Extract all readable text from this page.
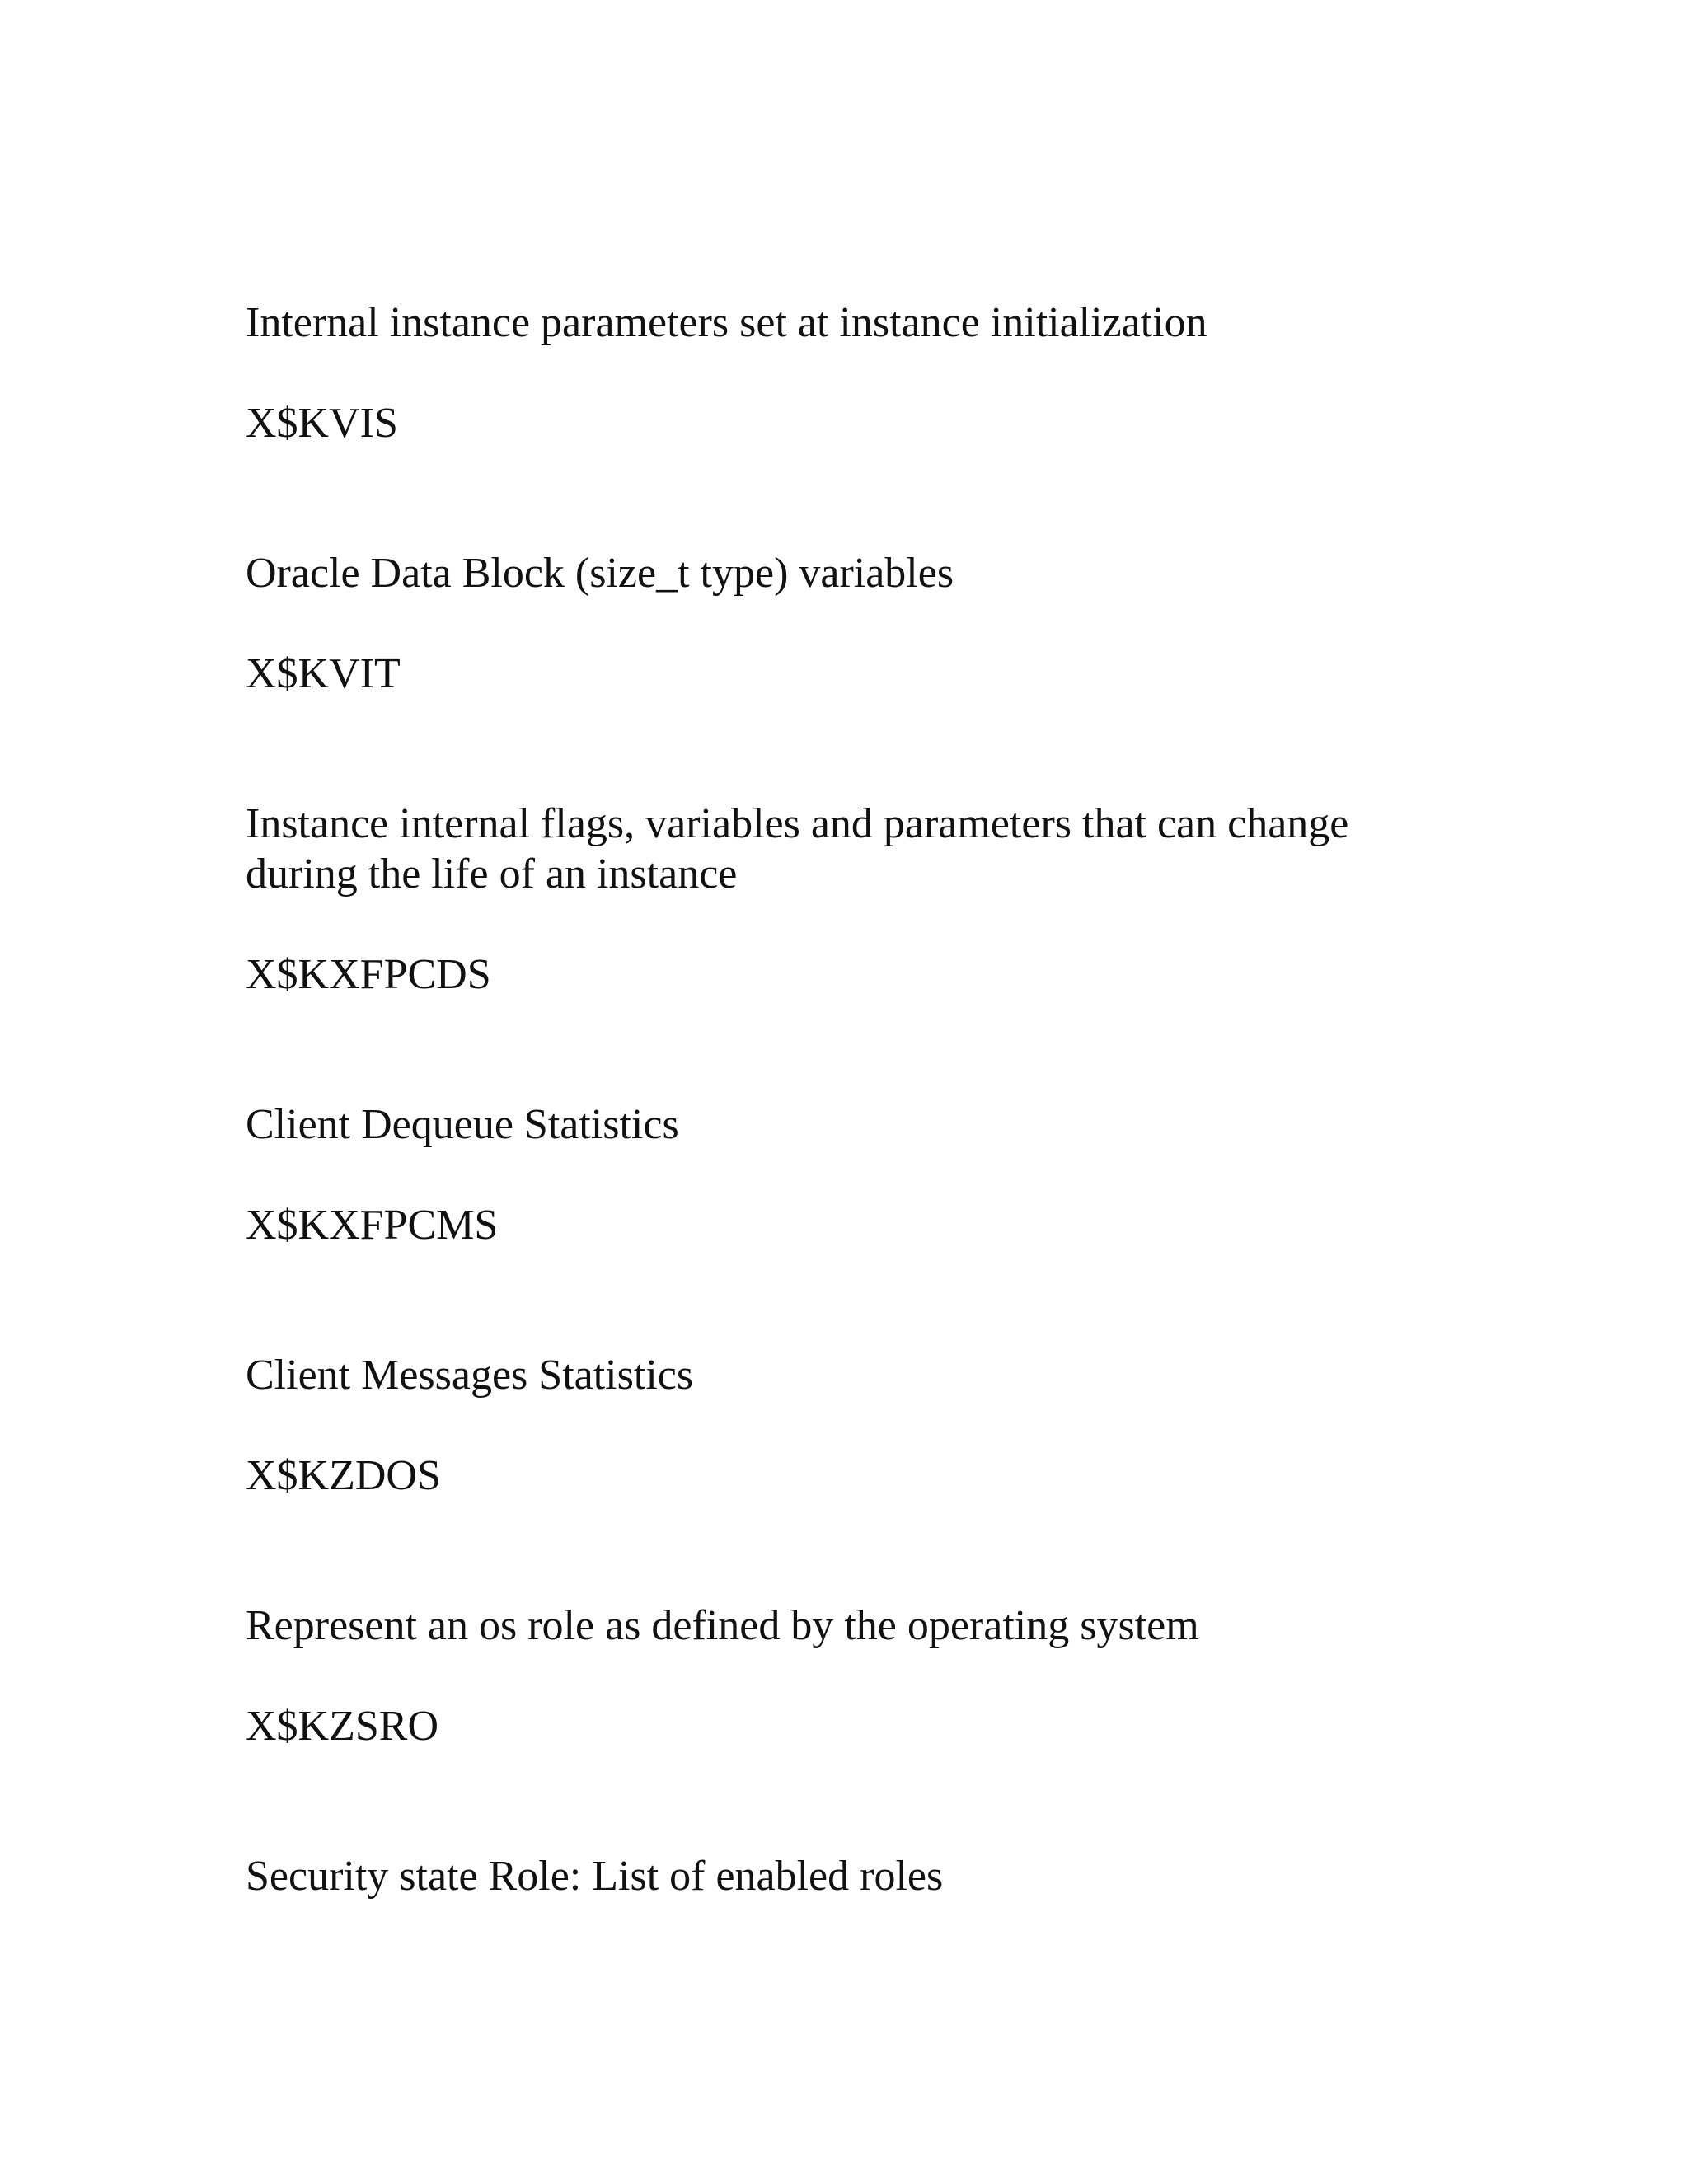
Internal instance parameters set at instance initialization

X$KVIS

Oracle Data Block (size_t type) variables

X$KVIT

Instance internal flags, variables and parameters that can change

during the life of an instance

X$KXFPCDS

Client Dequeue Statistics

X$KXFPCMS

Client Messages Statistics

X$KZDOS

Represent an os role as defined by the operating system

X$KZSRO

Security state Role: List of enabled roles
